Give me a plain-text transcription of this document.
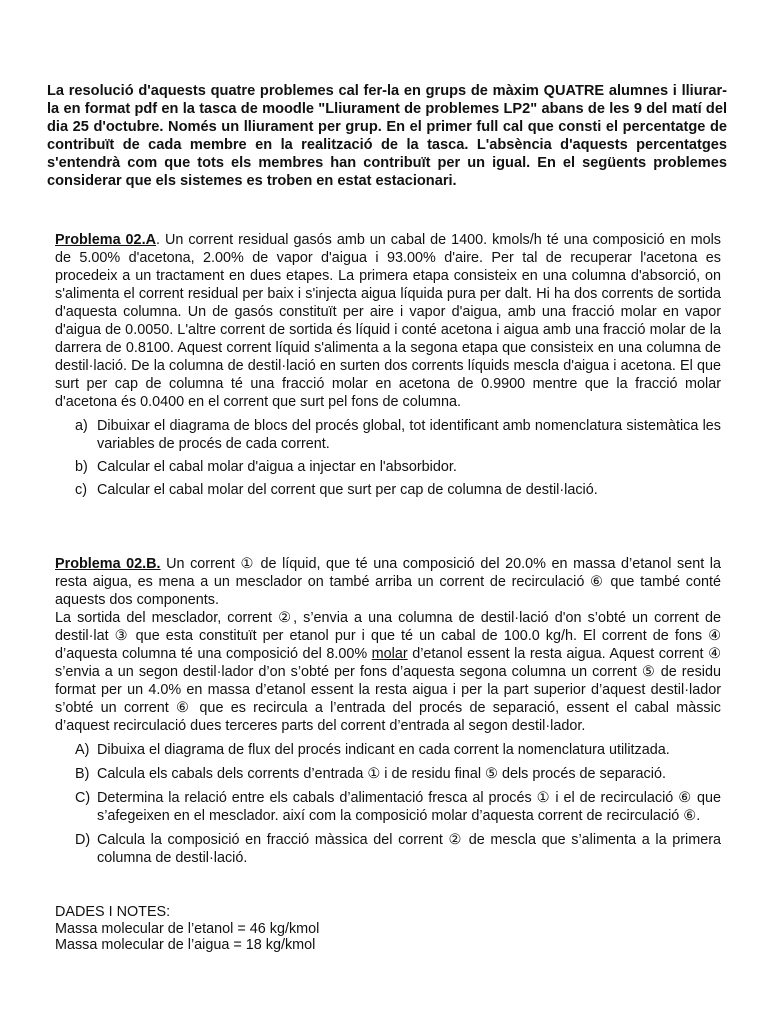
La resolució d'aquests quatre problemes cal fer-la en grups de màxim QUATRE alumnes i lliurar-la en format pdf en la tasca de moodle "Lliurament de problemes LP2" abans de les 9 del matí del dia 25 d'octubre. Només un lliurament per grup. En el primer full cal que consti el percentatge de contribuït de cada membre en la realització de la tasca. L'absència d'aquests percentatges s'entendrà com que tots els membres han contribuït per un igual. En el següents problemes considerar que els sistemes es troben en estat estacionari.

Problema 02.A. Un corrent residual gasós amb un cabal de 1400. kmols/h té una composició en mols de 5.00% d'acetona, 2.00% de vapor d'aigua i 93.00% d'aire. Per tal de recuperar l'acetona es procedeix a un tractament en dues etapes. La primera etapa consisteix en una columna d'absorció, on s'alimenta el corrent residual per baix i s'injecta aigua líquida pura per dalt. Hi ha dos corrents de sortida d'aquesta columna. Un de gasós constituït per aire i vapor d'aigua, amb una fracció molar en vapor d'aigua de 0.0050. L'altre corrent de sortida és líquid i conté acetona i aigua amb una fracció molar de la darrera de 0.8100. Aquest corrent líquid s'alimenta a la segona etapa que consisteix en una columna de destil·lació. De la columna de destil·lació en surten dos corrents líquids mescla d'aigua i acetona. El que surt per cap de columna té una fracció molar en acetona de 0.9900 mentre que la fracció molar d'acetona és 0.0400 en el corrent que surt pel fons de columna.

a) Dibuixar el diagrama de blocs del procés global, tot identificant amb nomenclatura sistemàtica les variables de procés de cada corrent.
b) Calcular el cabal molar d'aigua a injectar en l'absorbidor.
c) Calcular el cabal molar del corrent que surt per cap de columna de destil·lació.

Problema 02.B. Un corrent ① de líquid, que té una composició del 20.0% en massa d’etanol sent la resta aigua, es mena a un mesclador on també arriba un corrent de recirculació ⑥ que també conté aquests dos components.

La sortida del mesclador, corrent ②, s’envia a una columna de destil·lació d'on s’obté un corrent de destil·lat ③ que esta constituït per etanol pur i que té un cabal de 100.0 kg/h. El corrent de fons ④ d’aquesta columna té una composició del 8.00% molar d’etanol essent la resta aigua. Aquest corrent ④ s’envia a un segon destil·lador d’on s’obté per fons d’aquesta segona columna un corrent ⑤ de residu format per un 4.0% en massa d’etanol essent la resta aigua i per la part superior d’aquest destil·lador s’obté un corrent ⑥ que es recircula a l’entrada del procés de separació, essent el cabal màssic d’aquest recirculació dues terceres parts del corrent d’entrada al segon destil·lador.

A) Dibuixa el diagrama de flux del procés indicant en cada corrent la nomenclatura utilitzada.
B) Calcula els cabals dels corrents d’entrada ① i de residu final ⑤ dels procés de separació.
C) Determina la relació entre els cabals d’alimentació fresca al procés ① i el de recirculació ⑥ que s’afegeixen en el mesclador. així com la composició molar d’aquesta corrent de recirculació ⑥.
D) Calcula la composició en fracció màssica del corrent ② de mescla que s’alimenta a la primera columna de destil·lació.

DADES I NOTES:

Massa molecular de l’etanol = 46 kg/kmol

Massa molecular de l’aigua = 18 kg/kmol
